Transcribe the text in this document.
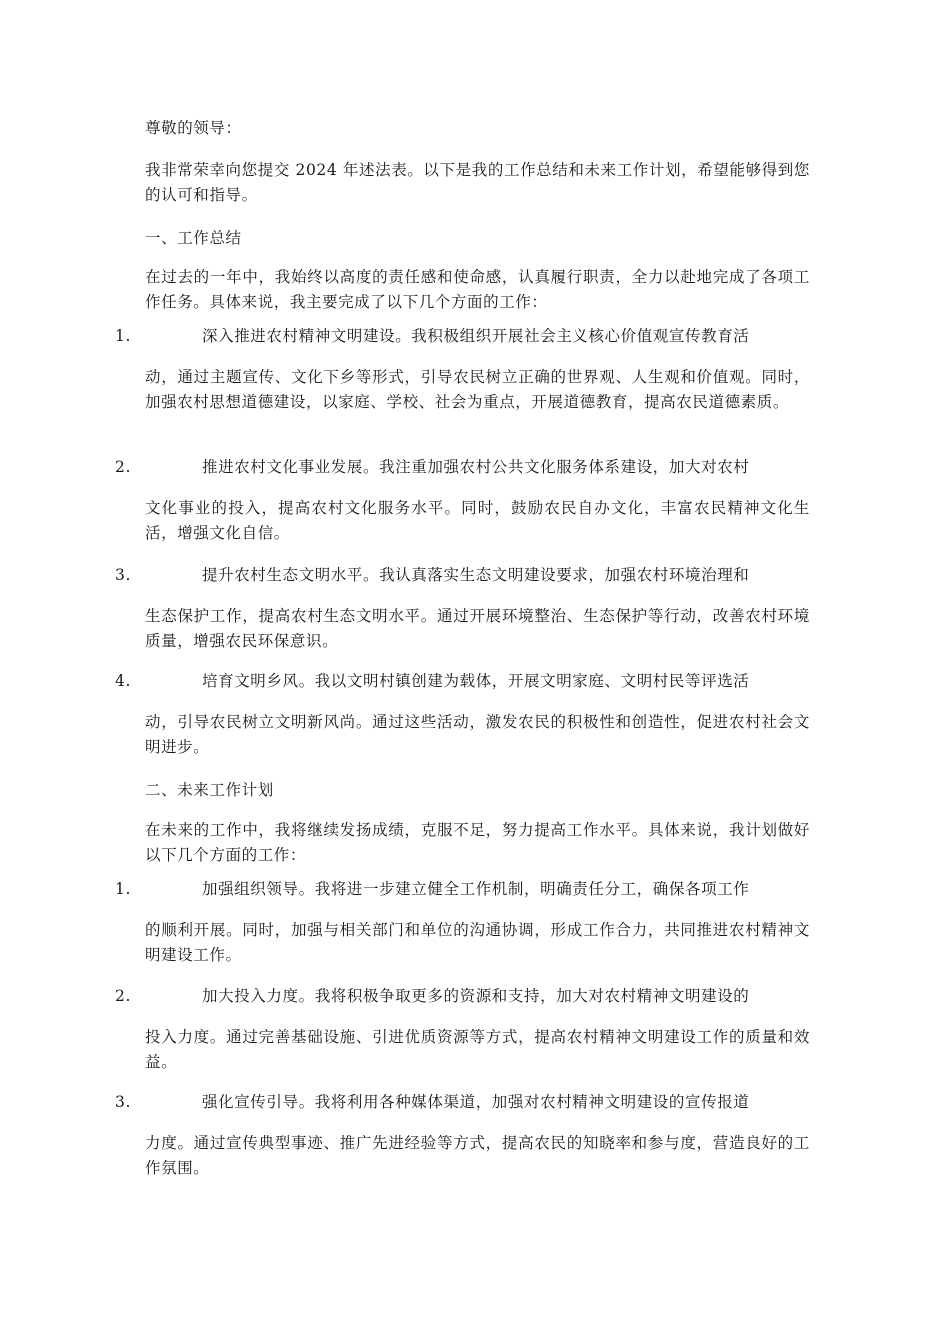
尊敬的领导：

我非常荣幸向您提交 2024 年述法表。以下是我的工作总结和未来工作计划，希望能够得到您的认可和指导。

一、工作总结

在过去的一年中，我始终以高度的责任感和使命感，认真履行职责，全力以赴地完成了各项工作任务。具体来说，我主要完成了以下几个方面的工作：

1.	深入推进农村精神文明建设。我积极组织开展社会主义核心价值观宣传教育活

动，通过主题宣传、文化下乡等形式，引导农民树立正确的世界观、人生观和价值观。同时，加强农村思想道德建设，以家庭、学校、社会为重点，开展道德教育，提高农民道德素质。

2.	推进农村文化事业发展。我注重加强农村公共文化服务体系建设，加大对农村

文化事业的投入，提高农村文化服务水平。同时，鼓励农民自办文化，丰富农民精神文化生活，增强文化自信。

3.	提升农村生态文明水平。我认真落实生态文明建设要求，加强农村环境治理和

生态保护工作，提高农村生态文明水平。通过开展环境整治、生态保护等行动，改善农村环境质量，增强农民环保意识。

4.	培育文明乡风。我以文明村镇创建为载体，开展文明家庭、文明村民等评选活

动，引导农民树立文明新风尚。通过这些活动，激发农民的积极性和创造性，促进农村社会文明进步。

二、未来工作计划

在未来的工作中，我将继续发扬成绩，克服不足，努力提高工作水平。具体来说，我计划做好以下几个方面的工作：

1.	加强组织领导。我将进一步建立健全工作机制，明确责任分工，确保各项工作

的顺利开展。同时，加强与相关部门和单位的沟通协调，形成工作合力，共同推进农村精神文明建设工作。

2.	加大投入力度。我将积极争取更多的资源和支持，加大对农村精神文明建设的

投入力度。通过完善基础设施、引进优质资源等方式，提高农村精神文明建设工作的质量和效益。

3.	强化宣传引导。我将利用各种媒体渠道，加强对农村精神文明建设的宣传报道

力度。通过宣传典型事迹、推广先进经验等方式，提高农民的知晓率和参与度，营造良好的工作氛围。
